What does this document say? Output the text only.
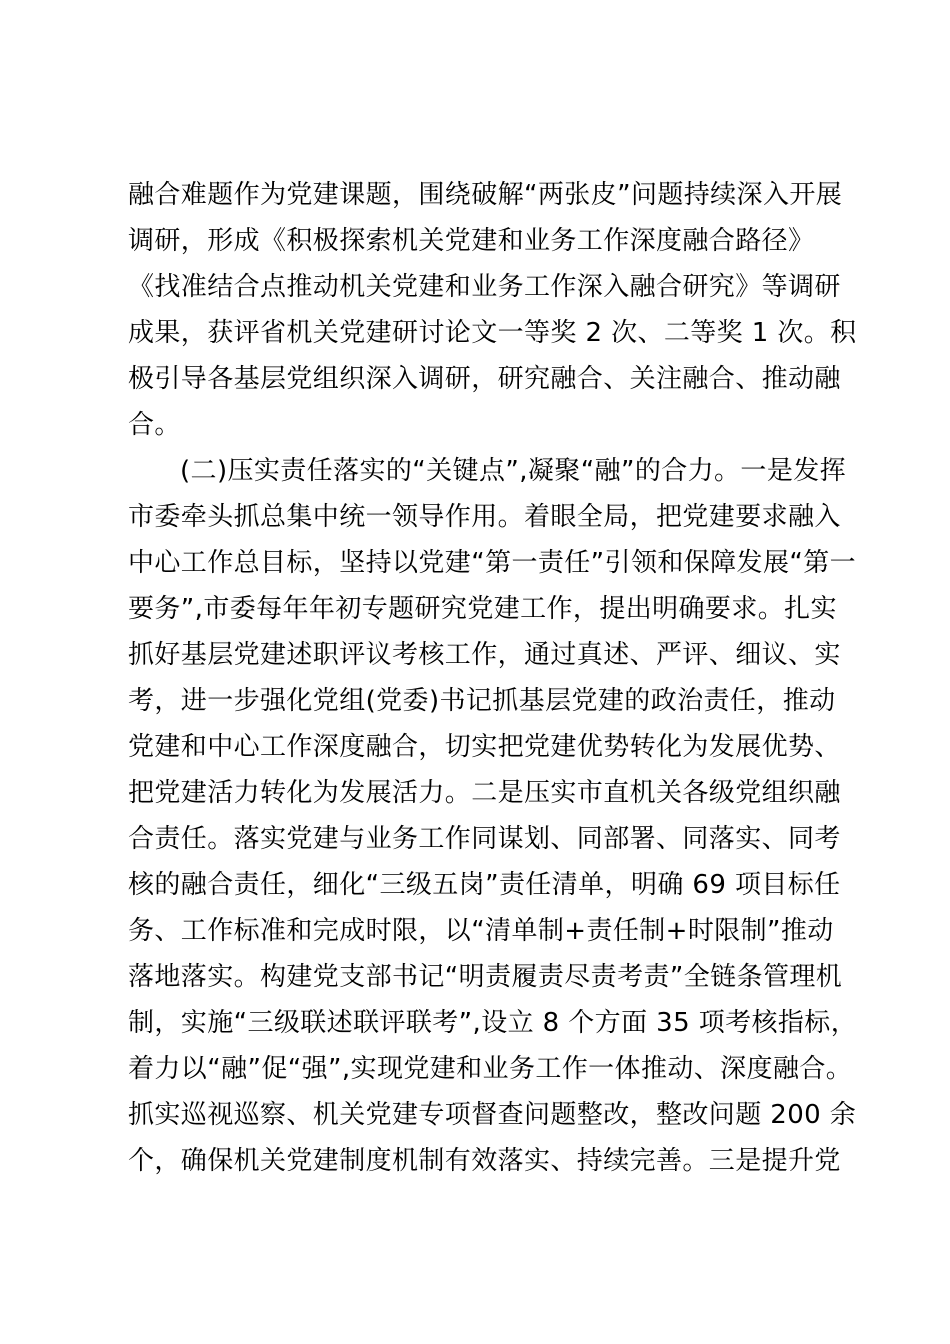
融合难题作为党建课题，围绕破解“两张皮”问题持续深入开展
调研，形成《积极探索机关党建和业务工作深度融合路径》
《找准结合点推动机关党建和业务工作深入融合研究》等调研
成果，获评省机关党建研讨论文一等奖 2 次、二等奖 1 次。积
极引导各基层党组织深入调研，研究融合、关注融合、推动融
合。
(二)压实责任落实的“关键点”,凝聚“融”的合力。一是发挥
市委牵头抓总集中统一领导作用。着眼全局，把党建要求融入
中心工作总目标，坚持以党建“第一责任”引领和保障发展“第一
要务”,市委每年年初专题研究党建工作，提出明确要求。扎实
抓好基层党建述职评议考核工作，通过真述、严评、细议、实
考，进一步强化党组(党委)书记抓基层党建的政治责任，推动
党建和中心工作深度融合，切实把党建优势转化为发展优势、
把党建活力转化为发展活力。二是压实市直机关各级党组织融
合责任。落实党建与业务工作同谋划、同部署、同落实、同考
核的融合责任，细化“三级五岗”责任清单，明确 69 项目标任
务、工作标准和完成时限，以“清单制+责任制+时限制”推动
落地落实。构建党支部书记“明责履责尽责考责”全链条管理机
制，实施“三级联述联评联考”,设立 8 个方面 35 项考核指标，
着力以“融”促“强”,实现党建和业务工作一体推动、深度融合。
抓实巡视巡察、机关党建专项督查问题整改，整改问题 200 余
个，确保机关党建制度机制有效落实、持续完善。三是提升党
